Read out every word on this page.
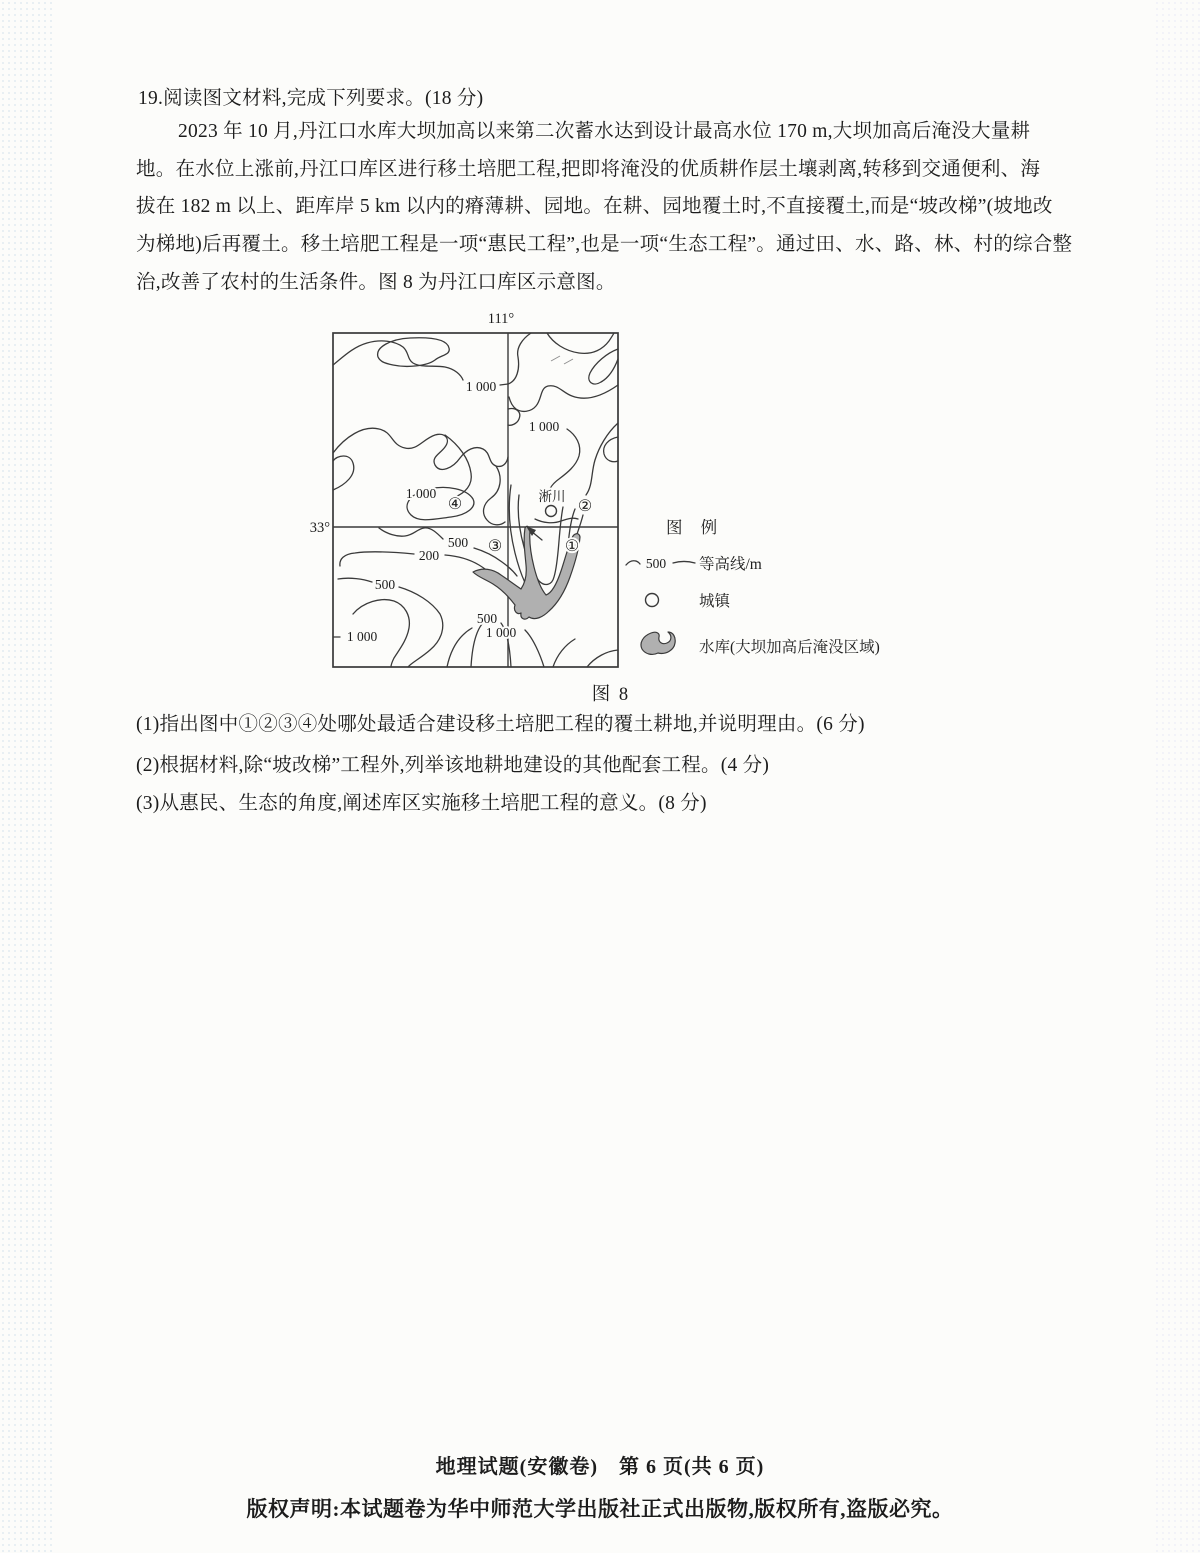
19.阅读图文材料,完成下列要求。(18 分)
2023 年 10 月,丹江口水库大坝加高以来第二次蓄水达到设计最高水位 170 m,大坝加高后淹没大量耕
地。在水位上涨前,丹江口库区进行移土培肥工程,把即将淹没的优质耕作层土壤剥离,转移到交通便利、海
拔在 182 m 以上、距库岸 5 km 以内的瘠薄耕、园地。在耕、园地覆土时,不直接覆土,而是“坡改梯”(坡地改
为梯地)后再覆土。移土培肥工程是一项“惠民工程”,也是一项“生态工程”。通过田、水、路、林、村的综合整
治,改善了农村的生活条件。图 8 为丹江口库区示意图。
111°
33°
1 000
1 000
1 000
500
200
500
500
1 000
1 000
淅川
①
②
③
④
图 例
500 等高线/m
城镇
水库(大坝加高后淹没区域)
图 8
(1)指出图中①②③④处哪处最适合建设移土培肥工程的覆土耕地,并说明理由。(6 分)
(2)根据材料,除“坡改梯”工程外,列举该地耕地建设的其他配套工程。(4 分)
(3)从惠民、生态的角度,阐述库区实施移土培肥工程的意义。(8 分)
地理试题(安徽卷)　第 6 页(共 6 页)
版权声明:本试题卷为华中师范大学出版社正式出版物,版权所有,盗版必究。
